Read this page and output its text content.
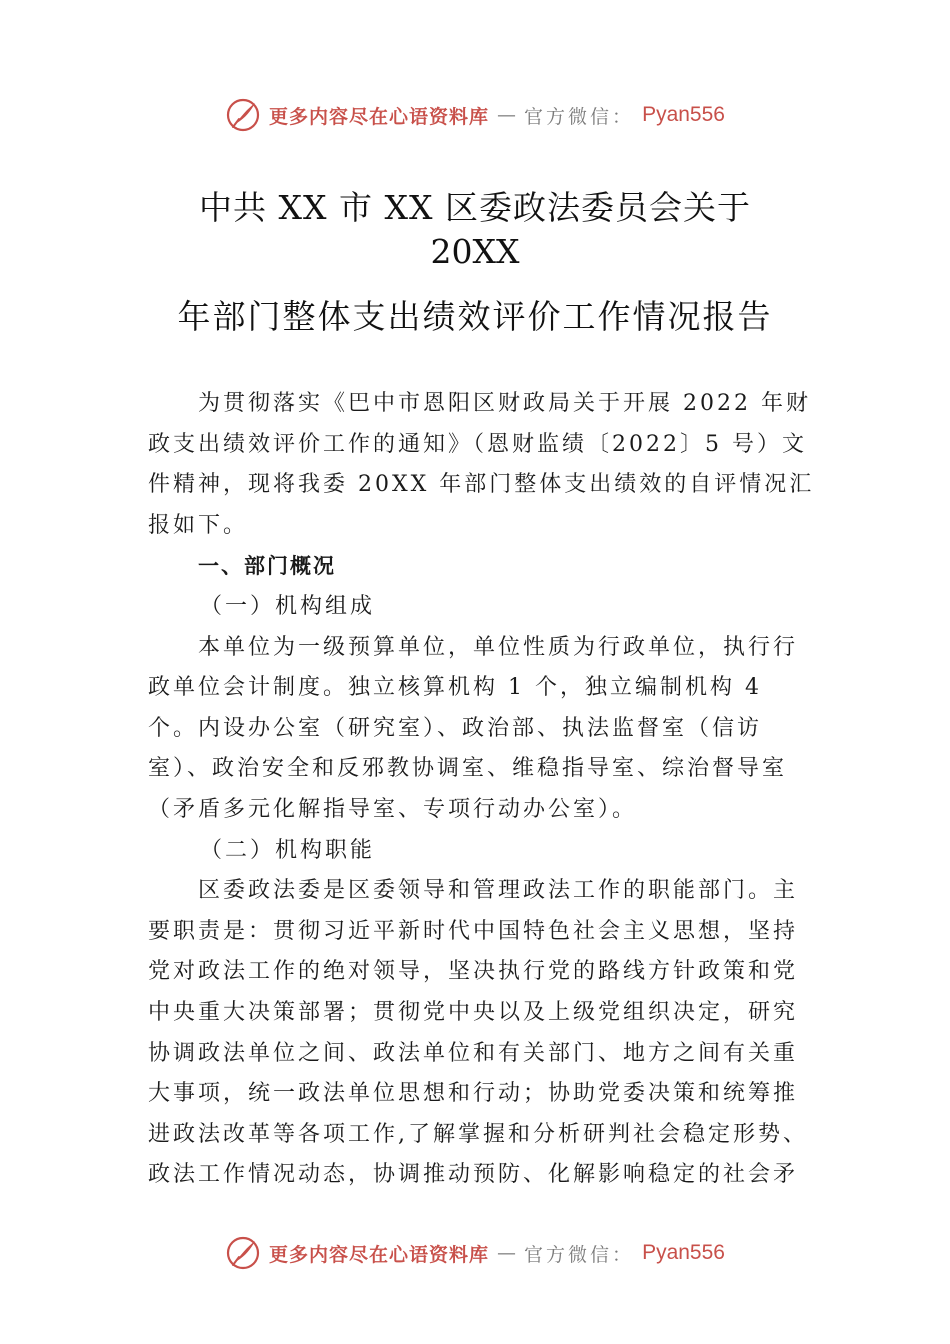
更多内容尽在心语资料库 — 官方微信： Pyan556
中共 XX 市 XX 区委政法委员会关于
20XX
年部门整体支出绩效评价工作情况报告

为贯彻落实《巴中市恩阳区财政局关于开展 2022 年财政支出绩效评价工作的通知》（恩财监绩〔2022〕5 号）文件精神，现将我委 20XX 年部门整体支出绩效的自评情况汇报如下。

一、部门概况

（一）机构组成

本单位为一级预算单位，单位性质为行政单位，执行行政单位会计制度。独立核算机构 1 个，独立编制机构 4 个。内设办公室（研究室）、政治部、执法监督室（信访室）、政治安全和反邪教协调室、维稳指导室、综治督导室（矛盾多元化解指导室、专项行动办公室）。

（二）机构职能

区委政法委是区委领导和管理政法工作的职能部门。主要职责是：贯彻习近平新时代中国特色社会主义思想，坚持党对政法工作的绝对领导，坚决执行党的路线方针政策和党中央重大决策部署；贯彻党中央以及上级党组织决定，研究协调政法单位之间、政法单位和有关部门、地方之间有关重大事项，统一政法单位思想和行动；协助党委决策和统筹推进政法改革等各项工作,了解掌握和分析研判社会稳定形势、政法工作情况动态，协调推动预防、化解影响稳定的社会矛

更多内容尽在心语资料库 — 官方微信： Pyan556
